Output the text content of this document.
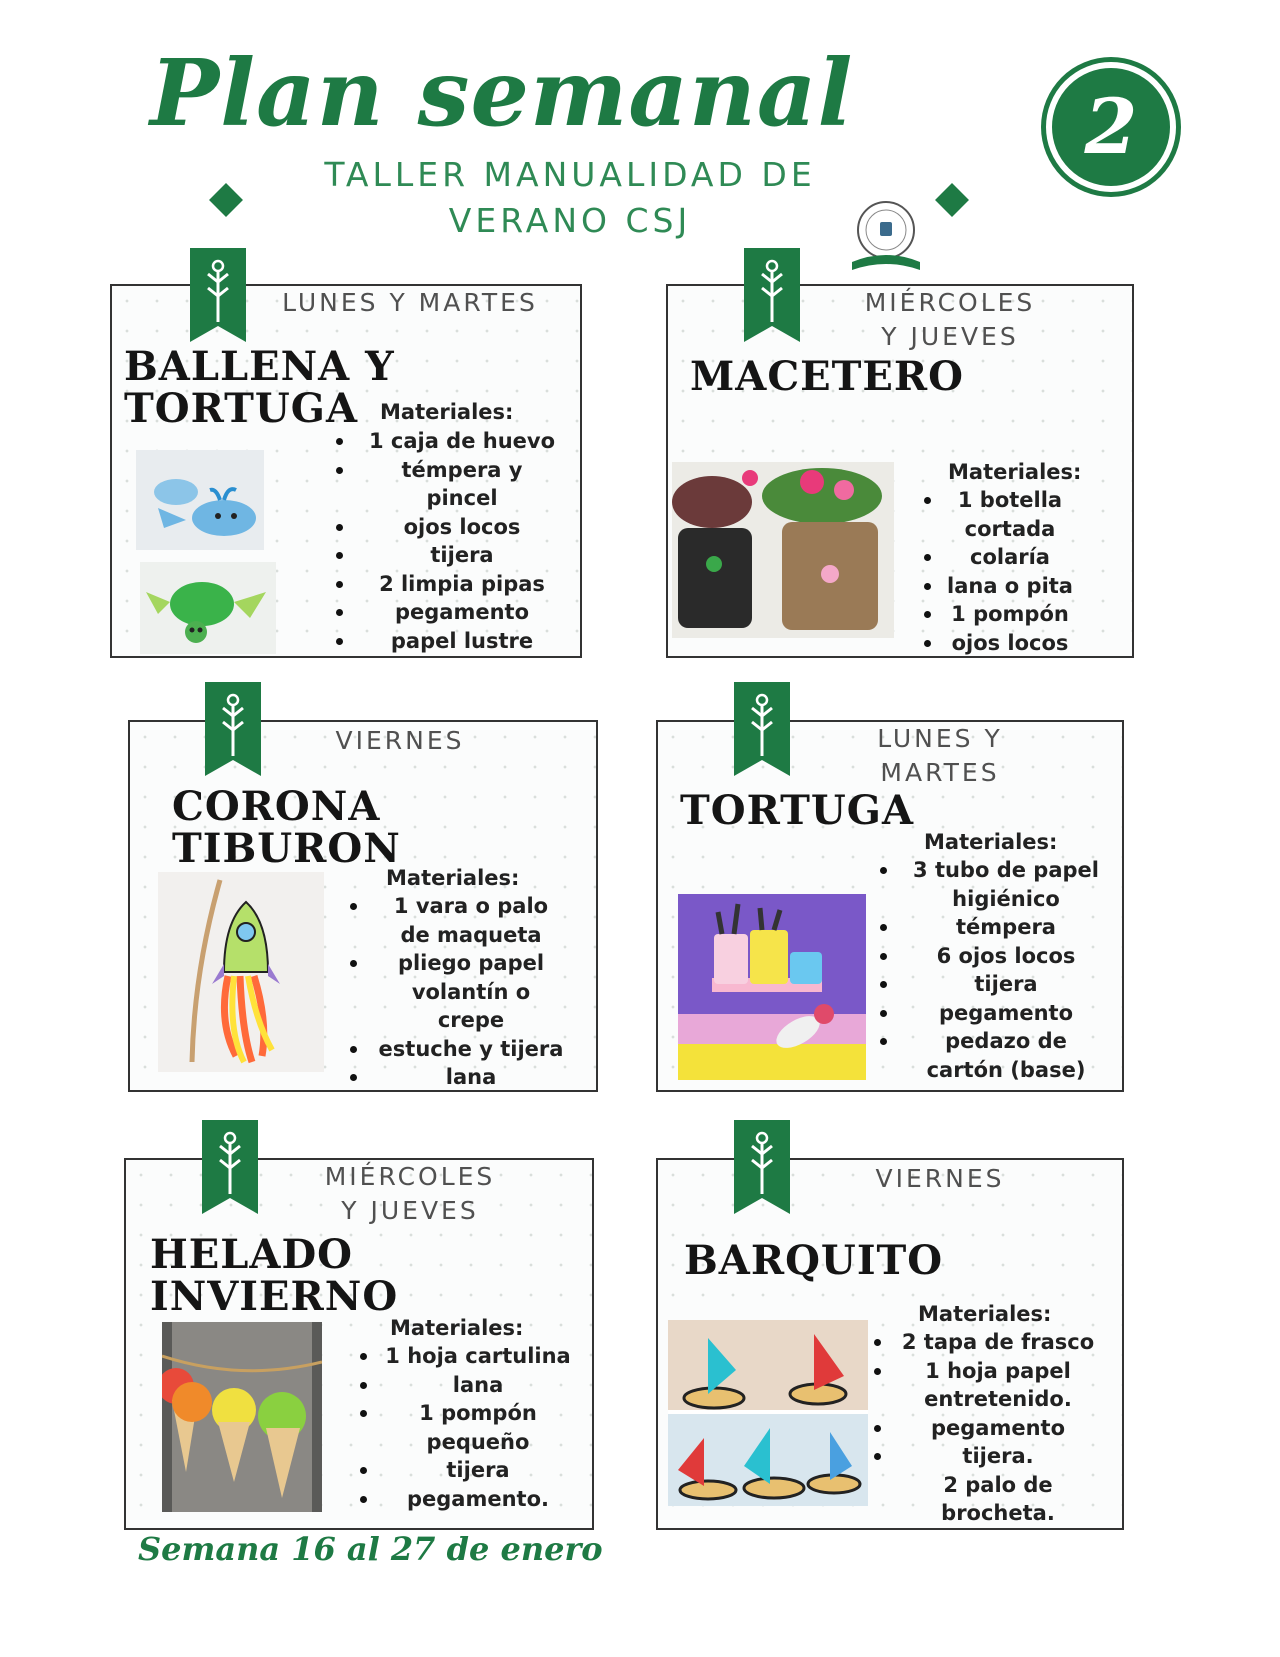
Plan semanal	2
TALLER MANUALIDAD DE
VERANO CSJ
LUNES Y MARTES
BALLENA Y
TORTUGA Materiales:
1 caja de huevo
témpera y
pincel
ojos locos
tijera
2 limpia pipas
pegamento
papel lustre
MIÉRCOLES
Y JUEVES
MACETERO
Materiales:
1 botella
cortada
colaría
lana o pita
1 pompón
ojos locos
VIERNES
CORONA
TIBURON
Materiales:
1 vara o palo
de maqueta
pliego papel
volantín o
crepe
estuche y tijera
lana
LUNES Y
MARTES
TORTUGA
Materiales:
3 tubo de papel
higiénico
témpera
6 ojos locos
tijera
pegamento
pedazo de
cartón (base)
MIÉRCOLES
Y JUEVES
HELADO
INVIERNO
Materiales:
1 hoja cartulina
lana
1 pompón
pequeño
tijera
pegamento.
VIERNES
BARQUITO
Materiales:
2 tapa de frasco
1 hoja papel
entretenido.
pegamento
tijera.
2 palo de
brocheta.
Semana 16 al 27 de enero
